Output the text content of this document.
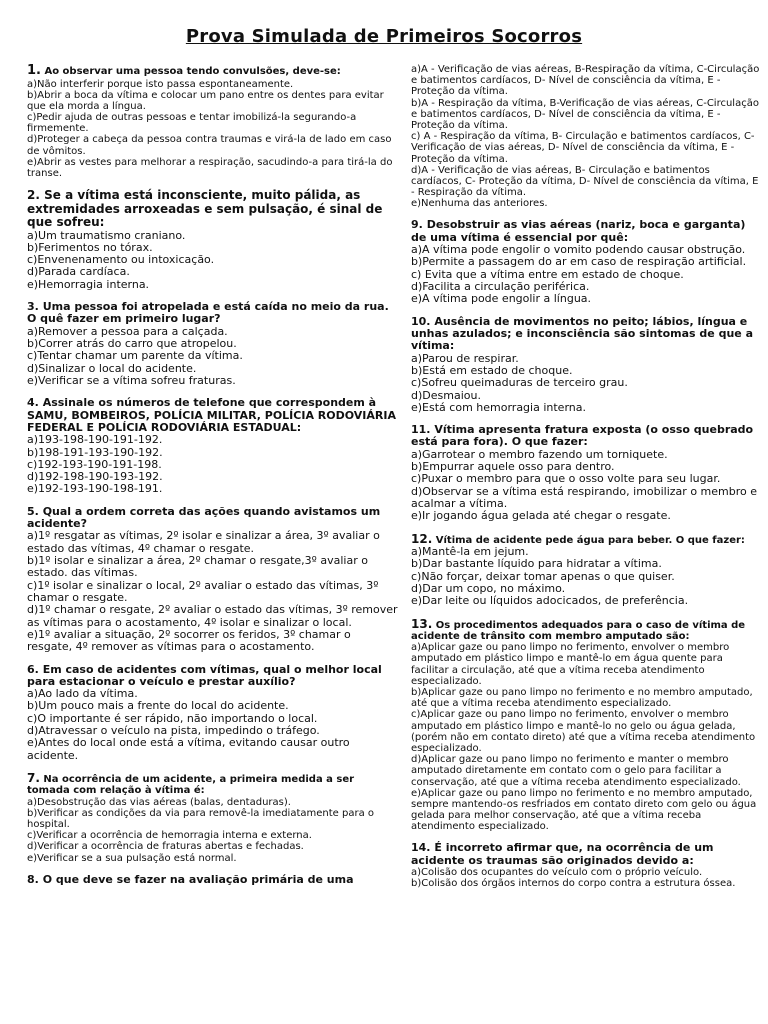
Prova Simulada de Primeiros Socorros
1. Ao observar uma pessoa tendo convulsões, deve-se:
a)Não interferir porque isto passa espontaneamente.
b)Abrir a boca da vítima e colocar um pano entre os dentes para evitar que ela morda a língua.
c)Pedir ajuda de outras pessoas e tentar imobilizá-la segurando-a firmemente.
d)Proteger a cabeça da pessoa contra traumas e virá-la de lado em caso de vômitos.
e)Abrir as vestes para melhorar a respiração, sacudindo-a para tirá-la do transe.
2. Se a vítima está inconsciente, muito pálida, as extremidades arroxeadas e sem pulsação, é sinal de que sofreu:
a)Um traumatismo craniano.
b)Ferimentos no tórax.
c)Envenenamento ou intoxicação.
d)Parada cardíaca.
e)Hemorragia interna.
3. Uma pessoa foi atropelada e está caída no meio da rua. O quê fazer em primeiro lugar?
a)Remover a pessoa para a calçada.
b)Correr atrás do carro que atropelou.
c)Tentar chamar um parente da vítima.
d)Sinalizar o local do acidente.
e)Verificar se a vítima sofreu fraturas.
4. Assinale os números de telefone que correspondem à SAMU, BOMBEIROS, POLÍCIA MILITAR, POLÍCIA RODOVIÁRIA FEDERAL E POLÍCIA RODOVIÁRIA ESTADUAL:
a)193-198-190-191-192.
b)198-191-193-190-192.
c)192-193-190-191-198.
d)192-198-190-193-192.
e)192-193-190-198-191.
5. Qual a ordem correta das ações quando avistamos um acidente?
a)1º resgatar as vítimas, 2º isolar e sinalizar a área, 3º avaliar o estado das vítimas, 4º chamar o resgate.
b)1º isolar e sinalizar a área, 2º chamar o resgate,3º avaliar o estado. das vítimas.
c)1º isolar e sinalizar o local, 2º avaliar o estado das vítimas, 3º chamar o resgate.
d)1º chamar o resgate, 2º avaliar o estado das vítimas, 3º remover as vítimas para o acostamento, 4º isolar e sinalizar o local.
e)1º avaliar a situação, 2º socorrer os feridos, 3º chamar o resgate, 4º remover as vítimas para o acostamento.
6. Em caso de acidentes com vítimas, qual o melhor local para estacionar o veículo e prestar auxílio?
a)Ao lado da vítima.
b)Um pouco mais a frente do local do acidente.
c)O importante é ser rápido, não importando o local.
d)Atravessar o veículo na pista, impedindo o tráfego.
e)Antes do local onde está a vítima, evitando causar outro acidente.
7. Na ocorrência de um acidente, a primeira medida a ser tomada com relação à vítima é:
a)Desobstrução das vias aéreas (balas, dentaduras).
b)Verificar as condições da via para removê-la imediatamente para o hospital.
c)Verificar a ocorrência de hemorragia interna e externa.
d)Verificar a ocorrência de fraturas abertas e fechadas.
e)Verificar se a sua pulsação está normal.
8. O que deve se fazer na avaliação primária de uma
a)A - Verificação de vias aéreas, B-Respiração da vítima, C-Circulação e batimentos cardíacos, D- Nível de consciência da vítima, E - Proteção da vítima.
b)A - Respiração da vítima, B-Verificação de vias aéreas, C-Circulação e batimentos cardíacos, D- Nível de consciência da vítima, E - Proteção da vítima.
c) A - Respiração da vítima, B- Circulação e batimentos cardíacos, C-Verificação de vias aéreas, D- Nível de consciência da vítima, E - Proteção da vítima.
d)A - Verificação de vias aéreas, B- Circulação e batimentos cardíacos, C- Proteção da vítima, D- Nível de consciência da vítima, E - Respiração da vítima.
e)Nenhuma das anteriores.
9. Desobstruir as vias aéreas (nariz, boca e garganta) de uma vítima é essencial por quê:
a)A vítima pode engolir o vomito podendo causar obstrução.
b)Permite a passagem do ar em caso de respiração artificial.
c) Evita que a vítima entre em estado de choque.
d)Facilita a circulação periférica.
e)A vítima pode engolir a língua.
10. Ausência de movimentos no peito; lábios, língua e unhas azulados; e inconsciência são sintomas de que a vítima:
a)Parou de respirar.
b)Está em estado de choque.
c)Sofreu queimaduras de terceiro grau.
d)Desmaiou.
e)Está com hemorragia interna.
11. Vítima apresenta fratura exposta (o osso quebrado está para fora). O que fazer:
a)Garrotear o membro fazendo um torniquete.
b)Empurrar aquele osso para dentro.
c)Puxar o membro para que o osso volte para seu lugar.
d)Observar se a vítima está respirando, imobilizar o membro e acalmar a vítima.
e)Ir jogando água gelada até chegar o resgate.
12. Vítima de acidente pede água para beber. O que fazer:
a)Mantê-la em jejum.
b)Dar bastante líquido para hidratar a vítima.
c)Não forçar, deixar tomar apenas o que quiser.
d)Dar um copo, no máximo.
e)Dar leite ou líquidos adocicados, de preferência.
13. Os procedimentos adequados para o caso de vítima de acidente de trânsito com membro amputado são:
a)Aplicar gaze ou pano limpo no ferimento, envolver o membro amputado em plástico limpo e mantê-lo em água quente para facilitar a circulação, até que a vítima receba atendimento especializado.
b)Aplicar gaze ou pano limpo no ferimento e no membro amputado, até que a vítima receba atendimento especializado.
c)Aplicar gaze ou pano limpo no ferimento, envolver o membro amputado em plástico limpo e mantê-lo no gelo ou água gelada, (porém não em contato direto) até que a vítima receba atendimento especializado.
d)Aplicar gaze ou pano limpo no ferimento e manter o membro amputado diretamente em contato com o gelo para facilitar a conservação, até que a vítima receba atendimento especializado.
e)Aplicar gaze ou pano limpo no ferimento e no membro amputado, sempre mantendo-os resfriados em contato direto com gelo ou água gelada para melhor conservação, até que a vítima receba atendimento especializado.
14. É incorreto afirmar que, na ocorrência de um acidente os traumas são originados devido a:
a)Colisão dos ocupantes do veículo com o próprio veículo.
b)Colisão dos órgãos internos do corpo contra a estrutura óssea.
